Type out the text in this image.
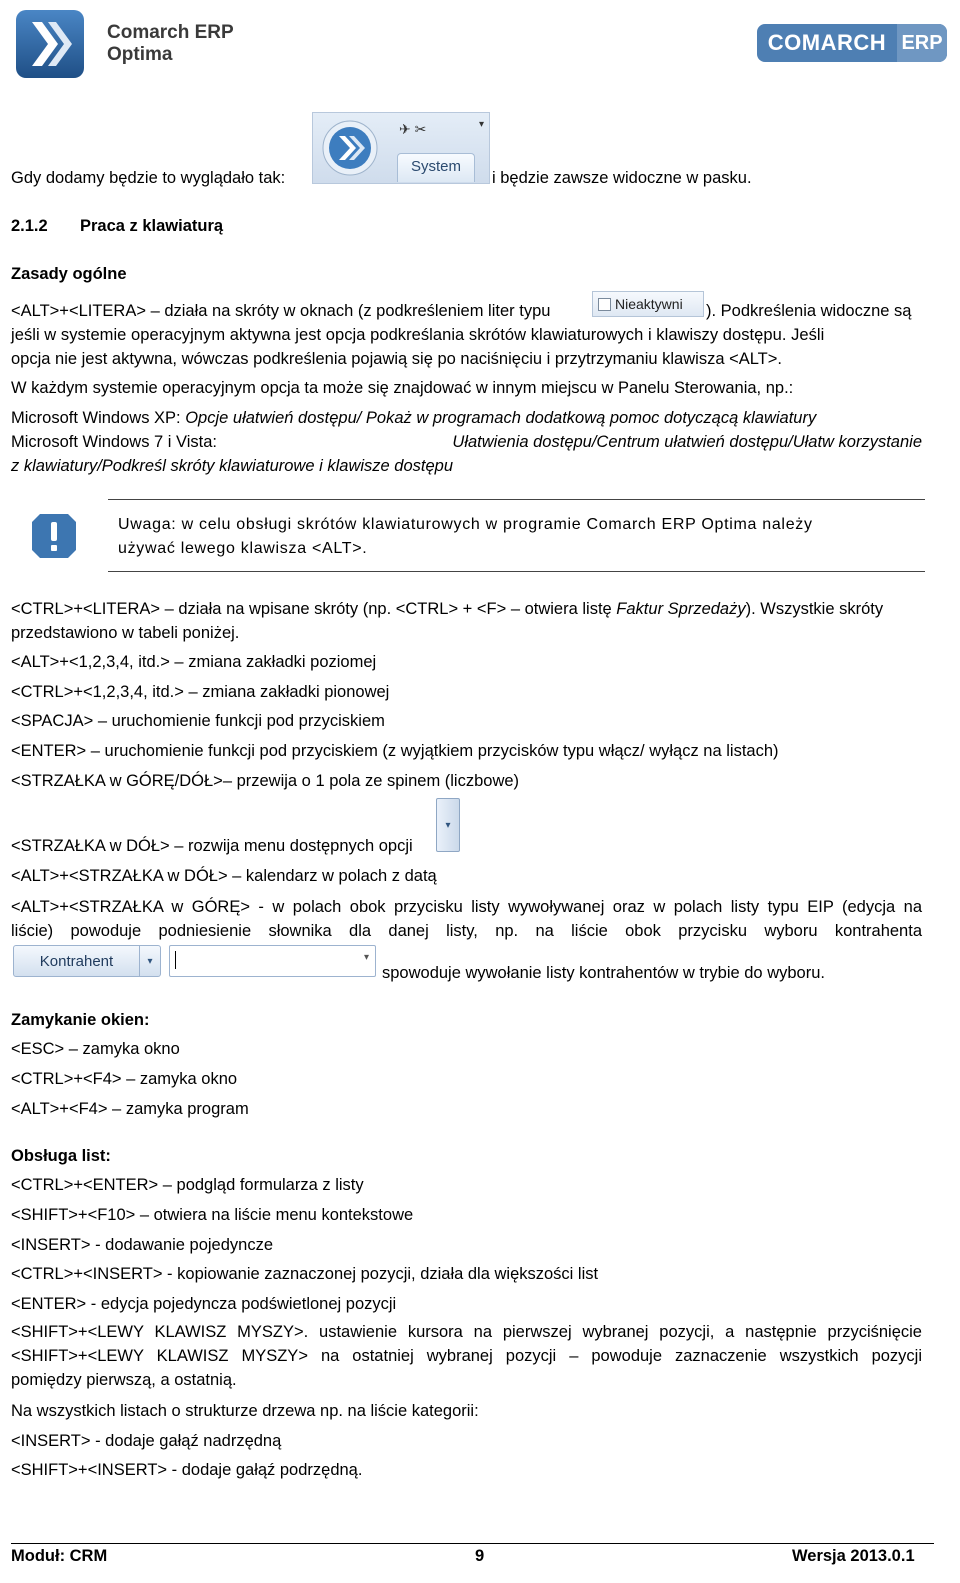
Comarch ERP
Optima	COMARCH ERP
Gdy dodamy będzie to wyglądało tak:
✈ ✂	▾
System
i będzie zawsze widoczne w pasku.
2.1.2 Praca z klawiaturą
Zasady ogólne
<ALT>+<LITERA> – działa na skróty w oknach (z podkreśleniem liter typu	Nieaktywni ). Podkreślenia widoczne są
jeśli w systemie operacyjnym aktywna jest opcja podkreślania skrótów klawiaturowych i klawiszy dostępu. Jeśli
opcja nie jest aktywna, wówczas podkreślenia pojawią się po naciśnięciu i przytrzymaniu klawisza <ALT>.
W każdym systemie operacyjnym opcja ta może się znajdować w innym miejscu w Panelu Sterowania, np.:
Microsoft Windows XP: Opcje ułatwień dostępu/ Pokaż w programach dodatkową pomoc dotyczącą klawiatury
Microsoft Windows 7 i Vista:	Ułatwienia dostępu/Centrum ułatwień dostępu/Ułatw korzystanie
z klawiatury/Podkreśl skróty klawiaturowe i klawisze dostępu
Uwaga: w celu obsługi skrótów klawiaturowych w programie Comarch ERP Optima należy
używać lewego klawisza <ALT>.
<CTRL>+<LITERA> – działa na wpisane skróty (np. <CTRL> + <F> – otwiera listę Faktur Sprzedaży). Wszystkie skróty
przedstawiono w tabeli poniżej.
<ALT>+<1,2,3,4, itd.> – zmiana zakładki poziomej
<CTRL>+<1,2,3,4, itd.> – zmiana zakładki pionowej
<SPACJA> – uruchomienie funkcji pod przyciskiem
<ENTER> – uruchomienie funkcji pod przyciskiem (z wyjątkiem przycisków typu włącz/ wyłącz na listach)
<STRZAŁKA w GÓRĘ/DÓŁ>– przewija o 1 pola ze spinem (liczbowe)
<STRZAŁKA w DÓŁ> – rozwija menu dostępnych opcji
▾
<ALT>+<STRZAŁKA w DÓŁ> – kalendarz w polach z datą
<ALT>+<STRZAŁKA w GÓRĘ> - w polach obok przycisku listy wywoływanej oraz w polach listy typu EIP (edycja na
liście) powoduje podniesienie słownika dla danej listy, np. na liście obok przycisku wyboru kontrahenta
Kontrahent	▾	▾
spowoduje wywołanie listy kontrahentów w trybie do wyboru.
Zamykanie okien:
<ESC> – zamyka okno
<CTRL>+<F4> – zamyka okno
<ALT>+<F4> – zamyka program
Obsługa list:
<CTRL>+<ENTER> – podgląd formularza z listy
<SHIFT>+<F10> – otwiera na liście menu kontekstowe
<INSERT> - dodawanie pojedyncze
<CTRL>+<INSERT> - kopiowanie zaznaczonej pozycji, działa dla większości list
<ENTER> - edycja pojedyncza podświetlonej pozycji
<SHIFT>+<LEWY KLAWISZ MYSZY>. ustawienie kursora na pierwszej wybranej pozycji, a następnie przyciśnięcie
<SHIFT>+<LEWY KLAWISZ MYSZY> na ostatniej wybranej pozycji – powoduje zaznaczenie wszystkich pozycji
pomiędzy pierwszą, a ostatnią.
Na wszystkich listach o strukturze drzewa np. na liście kategorii:
<INSERT> - dodaje gałąź nadrzędną
<SHIFT>+<INSERT> - dodaje gałąź podrzędną.
Moduł: CRM	9	Wersja 2013.0.1
